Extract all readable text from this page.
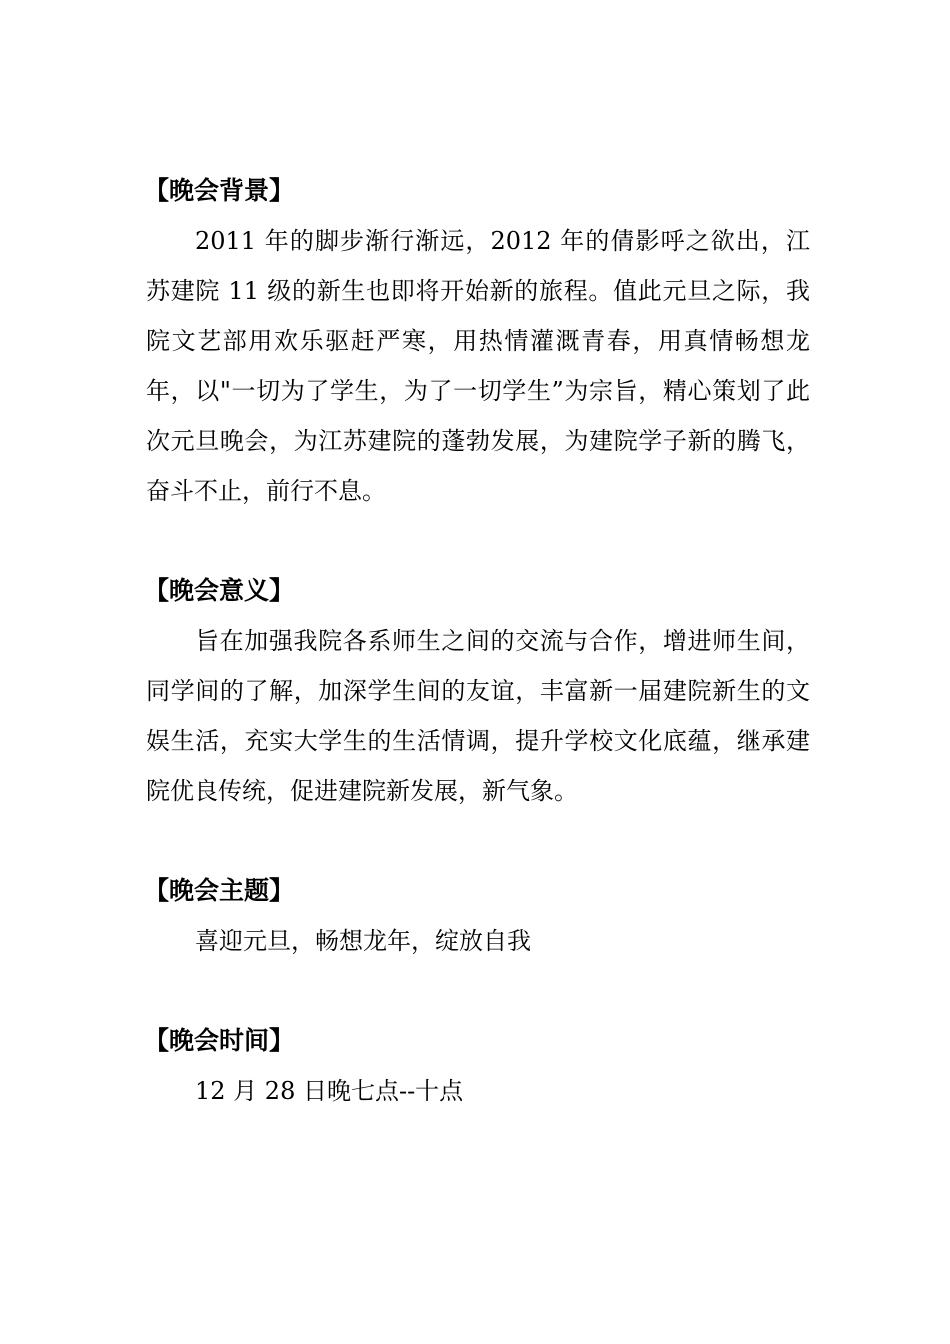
【晚会背景】

2011 年的脚步渐行渐远，2012 年的倩影呼之欲出，江苏建院 11 级的新生也即将开始新的旅程。值此元旦之际，我院文艺部用欢乐驱赶严寒，用热情灌溉青春，用真情畅想龙年，以"一切为了学生，为了一切学生”为宗旨，精心策划了此次元旦晚会，为江苏建院的蓬勃发展，为建院学子新的腾飞，奋斗不止，前行不息。

【晚会意义】

旨在加强我院各系师生之间的交流与合作，增进师生间，同学间的了解，加深学生间的友谊，丰富新一届建院新生的文娱生活，充实大学生的生活情调，提升学校文化底蕴，继承建院优良传统，促进建院新发展，新气象。

【晚会主题】

喜迎元旦，畅想龙年，绽放自我

【晚会时间】

12 月 28 日晚七点--十点
